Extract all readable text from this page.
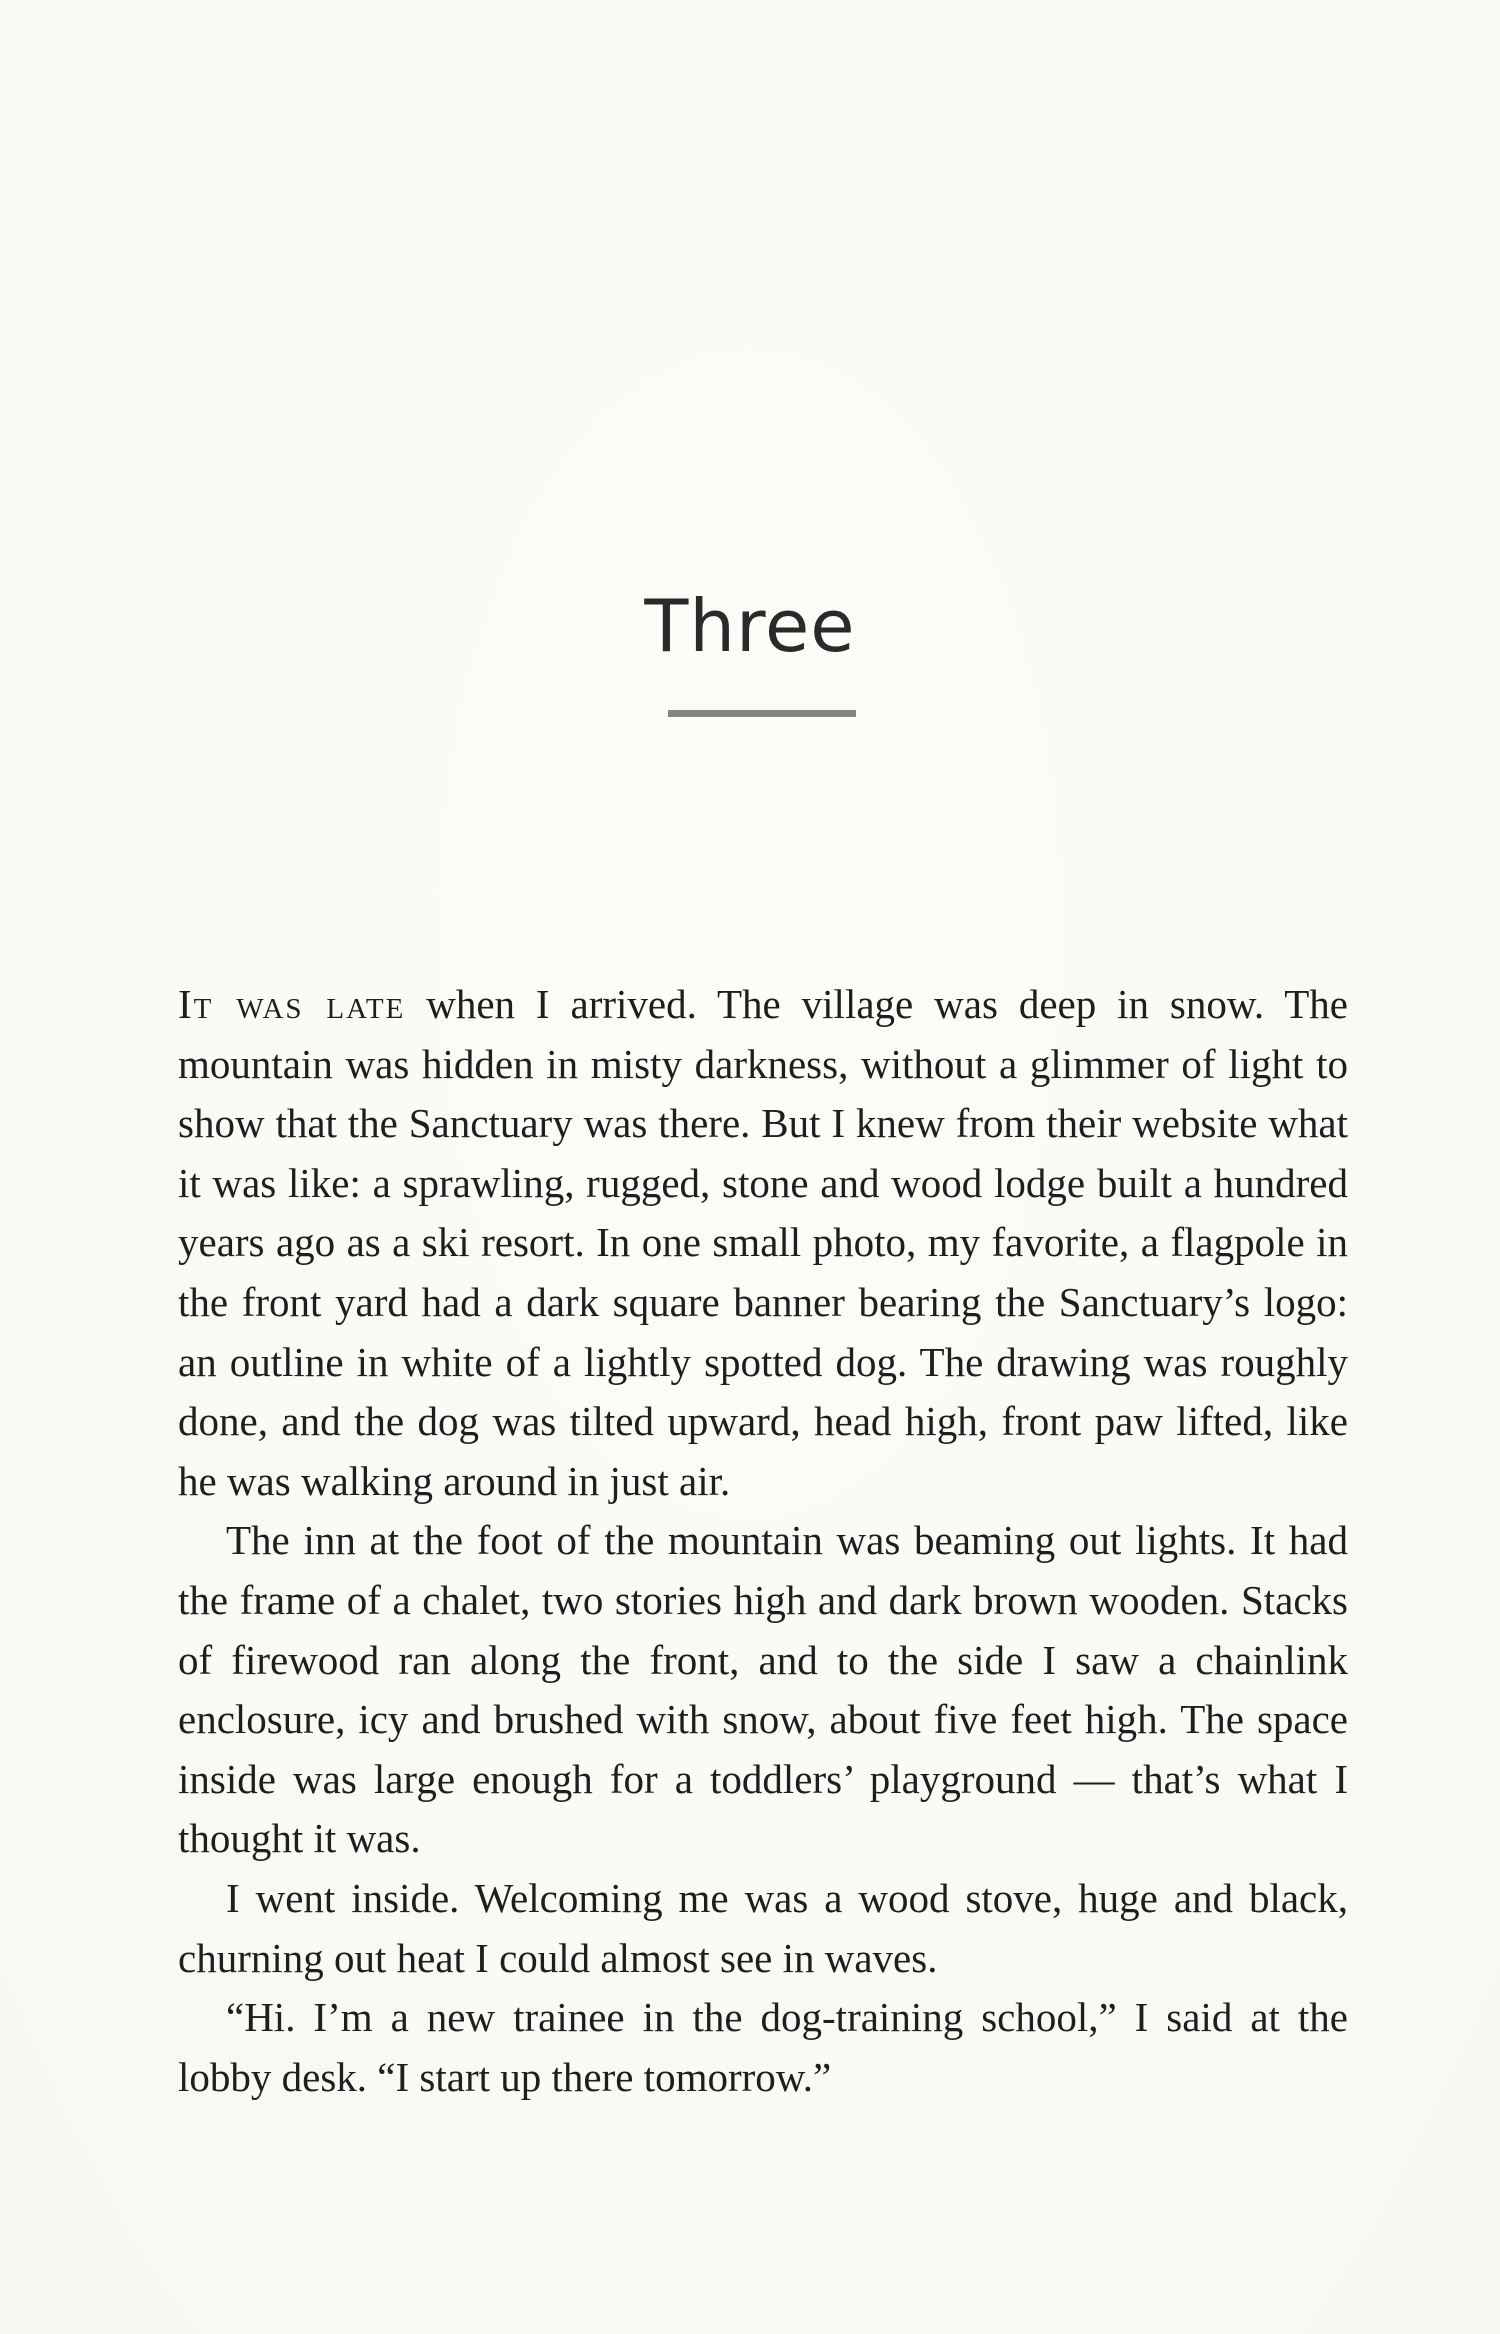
Three

It was late when I arrived. The village was deep in snow. The mountain was hidden in misty darkness, without a glimmer of light to show that the Sanctuary was there. But I knew from their website what it was like: a sprawling, rugged, stone and wood lodge built a hundred years ago as a ski resort. In one small photo, my favorite, a flagpole in the front yard had a dark square banner bearing the Sanctuary’s logo: an outline in white of a lightly spotted dog. The drawing was roughly done, and the dog was tilted upward, head high, front paw lifted, like he was walking around in just air.

The inn at the foot of the mountain was beaming out lights. It had the frame of a chalet, two stories high and dark brown wooden. Stacks of firewood ran along the front, and to the side I saw a chainlink enclosure, icy and brushed with snow, about five feet high. The space inside was large enough for a toddlers’ playground — that’s what I thought it was.

I went inside. Welcoming me was a wood stove, huge and black, churning out heat I could almost see in waves.

“Hi. I’m a new trainee in the dog-training school,” I said at the lobby desk. “I start up there tomorrow.”
